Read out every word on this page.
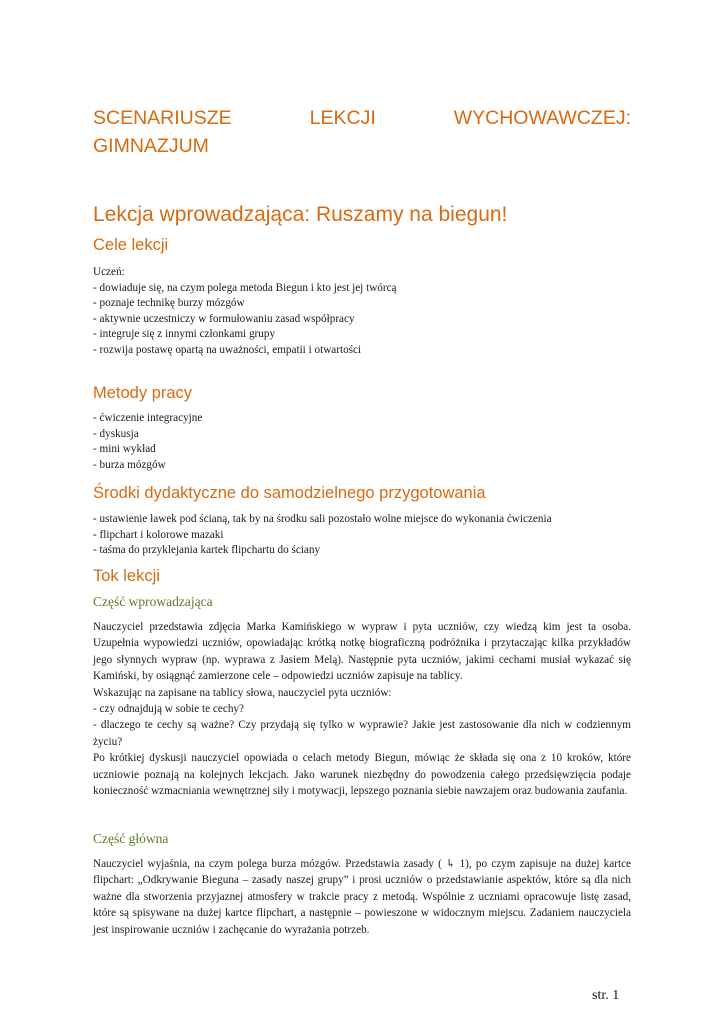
SCENARIUSZE	LEKCJI	WYCHOWAWCZEJ:
GIMNAZJUM
Lekcja wprowadzająca: Ruszamy na biegun!
Cele lekcji
Uczeń:
- dowiaduje się, na czym polega metoda Biegun i kto jest jej twórcą
- poznaje technikę burzy mózgów
- aktywnie uczestniczy w formułowaniu zasad współpracy
- integruje się z innymi członkami grupy
- rozwija postawę opartą na uważności, empatii i otwartości
Metody pracy
- ćwiczenie integracyjne
- dyskusja
- mini wykład
- burza mózgów
Środki dydaktyczne do samodzielnego przygotowania
- ustawienie ławek pod ścianą, tak by na środku sali pozostało wolne miejsce do wykonania ćwiczenia
- flipchart i kolorowe mazaki
- taśma do przyklejania kartek flipchartu do ściany
Tok lekcji
Część wprowadzająca

Nauczyciel przedstawia zdjęcia Marka Kamińskiego w wypraw i pyta uczniów, czy wiedzą kim jest ta osoba. Uzupełnia wypowiedzi uczniów, opowiadając krótką notkę biograficzną podróżnika i przytaczając kilka przykładów jego słynnych wypraw (np. wyprawa z Jasiem Melą). Następnie pyta uczniów, jakimi cechami musiał wykazać się Kamiński, by osiągnąć zamierzone cele – odpowiedzi uczniów zapisuje na tablicy.

Wskazując na zapisane na tablicy słowa, nauczyciel pyta uczniów:

- czy odnajdują w sobie te cechy?

- dlaczego te cechy są ważne? Czy przydają się tylko w wyprawie? Jakie jest zastosowanie dla nich w codziennym życiu?

Po krótkiej dyskusji nauczyciel opowiada o celach metody Biegun, mówiąc że składa się ona z 10 kroków, które uczniowie poznają na kolejnych lekcjach. Jako warunek niezbędny do powodzenia całego przedsięwzięcia podaje konieczność wzmacniania wewnętrznej siły i motywacji, lepszego poznania siebie nawzajem oraz budowania zaufania.

Część główna

Nauczyciel wyjaśnia, na czym polega burza mózgów. Przedstawia zasady ( ↳ 1), po czym zapisuje na dużej kartce flipchart: „Odkrywanie Bieguna – zasady naszej grupy” i prosi uczniów o przedstawianie aspektów, które są dla nich ważne dla stworzenia przyjaznej atmosfery w trakcie pracy z metodą. Wspólnie z uczniami opracowuje listę zasad, które są spisywane na dużej kartce flipchart, a następnie – powieszone w widocznym miejscu. Zadaniem nauczyciela jest inspirowanie uczniów i zachęcanie do wyrażania potrzeb.

str. 1
